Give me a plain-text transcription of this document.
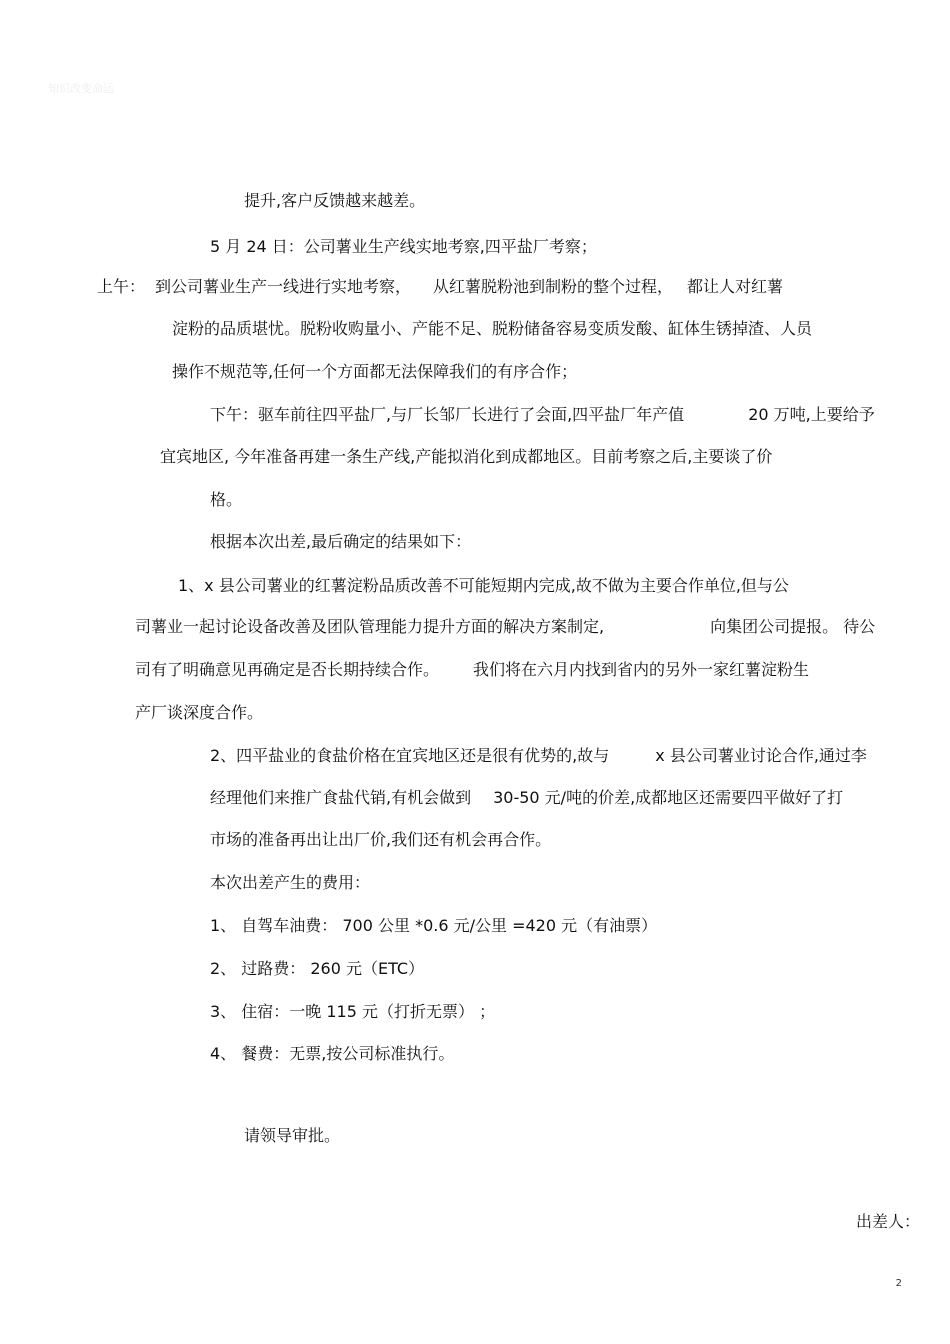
知识改变命运
提升,客户反馈越来越差。
5 月 24 日：公司薯业生产线实地考察,四平盐厂考察；
上午： 到公司薯业生产一线进行实地考察， 从红薯脱粉池到制粉的整个过程， 都让人对红薯
淀粉的品质堪忧。脱粉收购量小、产能不足、脱粉储备容易变质发酸、缸体生锈掉渣、人员
操作不规范等,任何一个方面都无法保障我们的有序合作；
下午：驱车前往四平盐厂,与厂长邹厂长进行了会面,四平盐厂年产值	20 万吨,上要给予
宜宾地区, 今年准备再建一条生产线,产能拟消化到成都地区。目前考察之后,主要谈了价
格。
根据本次出差,最后确定的结果如下：
1、x 县公司薯业的红薯淀粉品质改善不可能短期内完成,故不做为主要合作单位,但与公
司薯业一起讨论设备改善及团队管理能力提升方面的解决方案制定,	向集团公司提报。 待公
司有了明确意见再确定是否长期持续合作。 我们将在六月内找到省内的另外一家红薯淀粉生
产厂谈深度合作。
2、四平盐业的食盐价格在宜宾地区还是很有优势的,故与	x 县公司薯业讨论合作,通过李
经理他们来推广食盐代销,有机会做到 30-50 元/吨的价差,成都地区还需要四平做好了打
市场的准备再出让出厂价,我们还有机会再合作。
本次出差产生的费用：
1、 自驾车油费： 700 公里 *0.6 元/公里 =420 元（有油票）
2、 过路费： 260 元（ETC）
3、 住宿：一晚 115 元（打折无票） ；
4、 餐费：无票,按公司标准执行。
请领导审批。
出差人：
2
